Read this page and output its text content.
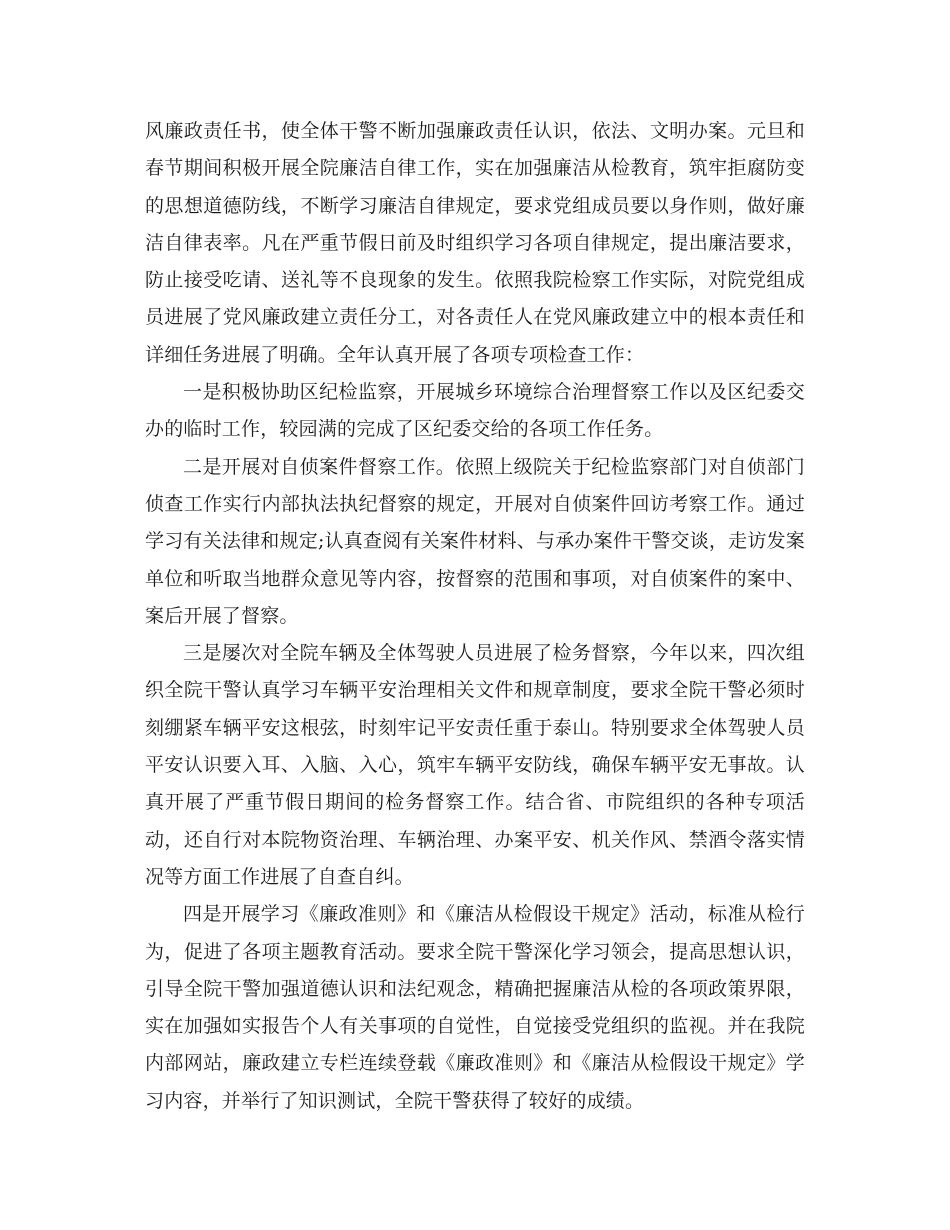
风廉政责任书，使全体干警不断加强廉政责任认识，依法、文明办案。元旦和春节期间积极开展全院廉洁自律工作，实在加强廉洁从检教育，筑牢拒腐防变的思想道德防线，不断学习廉洁自律规定，要求党组成员要以身作则，做好廉洁自律表率。凡在严重节假日前及时组织学习各项自律规定，提出廉洁要求，防止接受吃请、送礼等不良现象的发生。依照我院检察工作实际，对院党组成员进展了党风廉政建立责任分工，对各责任人在党风廉政建立中的根本责任和详细任务进展了明确。全年认真开展了各项专项检查工作：

一是积极协助区纪检监察，开展城乡环境综合治理督察工作以及区纪委交办的临时工作，较园满的完成了区纪委交给的各项工作任务。

二是开展对自侦案件督察工作。依照上级院关于纪检监察部门对自侦部门侦查工作实行内部执法执纪督察的规定，开展对自侦案件回访考察工作。通过学习有关法律和规定;认真查阅有关案件材料、与承办案件干警交谈，走访发案单位和听取当地群众意见等内容，按督察的范围和事项，对自侦案件的案中、案后开展了督察。

三是屡次对全院车辆及全体驾驶人员进展了检务督察，今年以来，四次组织全院干警认真学习车辆平安治理相关文件和规章制度，要求全院干警必须时刻绷紧车辆平安这根弦，时刻牢记平安责任重于泰山。特别要求全体驾驶人员平安认识要入耳、入脑、入心，筑牢车辆平安防线，确保车辆平安无事故。认真开展了严重节假日期间的检务督察工作。结合省、市院组织的各种专项活动，还自行对本院物资治理、车辆治理、办案平安、机关作风、禁酒令落实情况等方面工作进展了自查自纠。

四是开展学习《廉政准则》和《廉洁从检假设干规定》活动，标准从检行为，促进了各项主题教育活动。要求全院干警深化学习领会，提高思想认识，引导全院干警加强道德认识和法纪观念，精确把握廉洁从检的各项政策界限，实在加强如实报告个人有关事项的自觉性，自觉接受党组织的监视。并在我院内部网站，廉政建立专栏连续登载《廉政准则》和《廉洁从检假设干规定》学习内容，并举行了知识测试，全院干警获得了较好的成绩。
